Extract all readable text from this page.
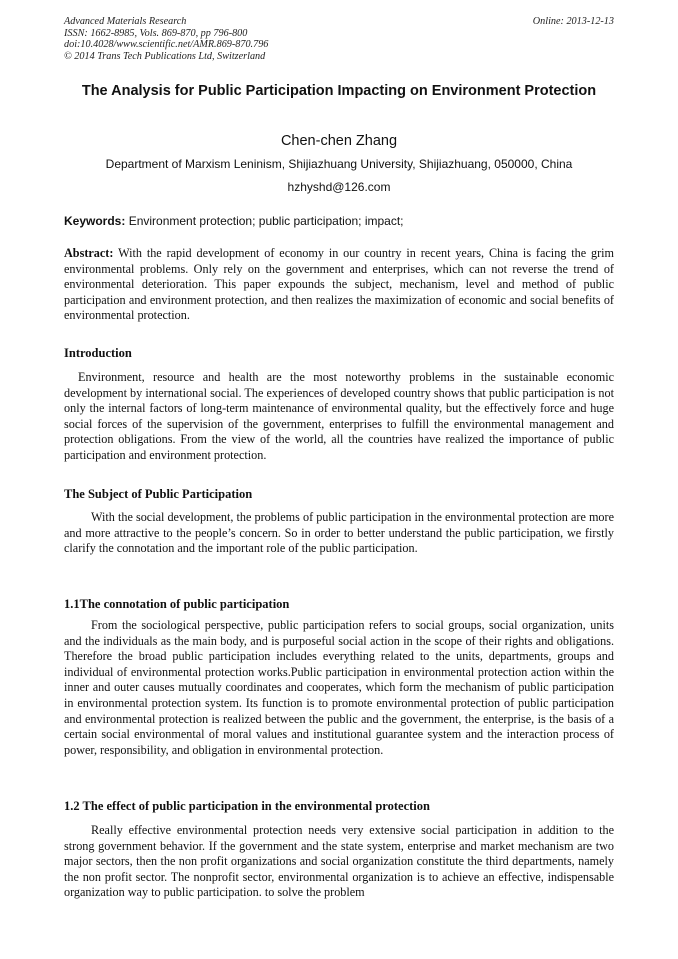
Advanced Materials Research
ISSN: 1662-8985, Vols. 869-870, pp 796-800
doi:10.4028/www.scientific.net/AMR.869-870.796
© 2014 Trans Tech Publications Ltd, Switzerland
Online: 2013-12-13
The Analysis for Public Participation Impacting on Environment Protection
Chen-chen Zhang
Department of Marxism Leninism, Shijiazhuang University, Shijiazhuang, 050000, China
hzhyshd@126.com
Keywords: Environment protection; public participation; impact;

Abstract: With the rapid development of economy in our country in recent years, China is facing the grim environmental problems. Only rely on the government and enterprises, which can not reverse the trend of environmental deterioration. This paper expounds the subject, mechanism, level and method of public participation and environment protection, and then realizes the maximization of economic and social benefits of environmental protection.

Introduction

Environment, resource and health are the most noteworthy problems in the sustainable economic development by international social. The experiences of developed country shows that public participation is not only the internal factors of long-term maintenance of environmental quality, but the effectively force and huge social forces of the supervision of the government, enterprises to fulfill the environmental management and protection obligations. From the view of the world, all the countries have realized the importance of public participation and environment protection.

The Subject of Public Participation

With the social development, the problems of public participation in the environmental protection are more and more attractive to the people’s concern. So in order to better understand the public participation, we firstly clarify the connotation and the important role of the public participation.

1.1The connotation of public participation

From the sociological perspective, public participation refers to social groups, social organization, units and the individuals as the main body, and is purposeful social action in the scope of their rights and obligations. Therefore the broad public participation includes everything related to the units, departments, groups and individual of environmental protection works.Public participation in environmental protection action within the inner and outer causes mutually coordinates and cooperates, which form the mechanism of public participation in environmental protection system. Its function is to promote environmental protection of public participation and environmental protection is realized between the public and the government, the enterprise, is the basis of a certain social environmental of moral values and institutional guarantee system and the interaction process of power, responsibility, and obligation in environmental protection.

1.2 The effect of public participation in the environmental protection

Really effective environmental protection needs very extensive social participation in addition to the strong government behavior. If the government and the state system, enterprise and market mechanism are two major sectors, then the non profit organizations and social organization constitute the third departments, namely the non profit sector. The nonprofit sector, environmental organization is to achieve an effective, indispensable organization way to public participation. to solve the problem
